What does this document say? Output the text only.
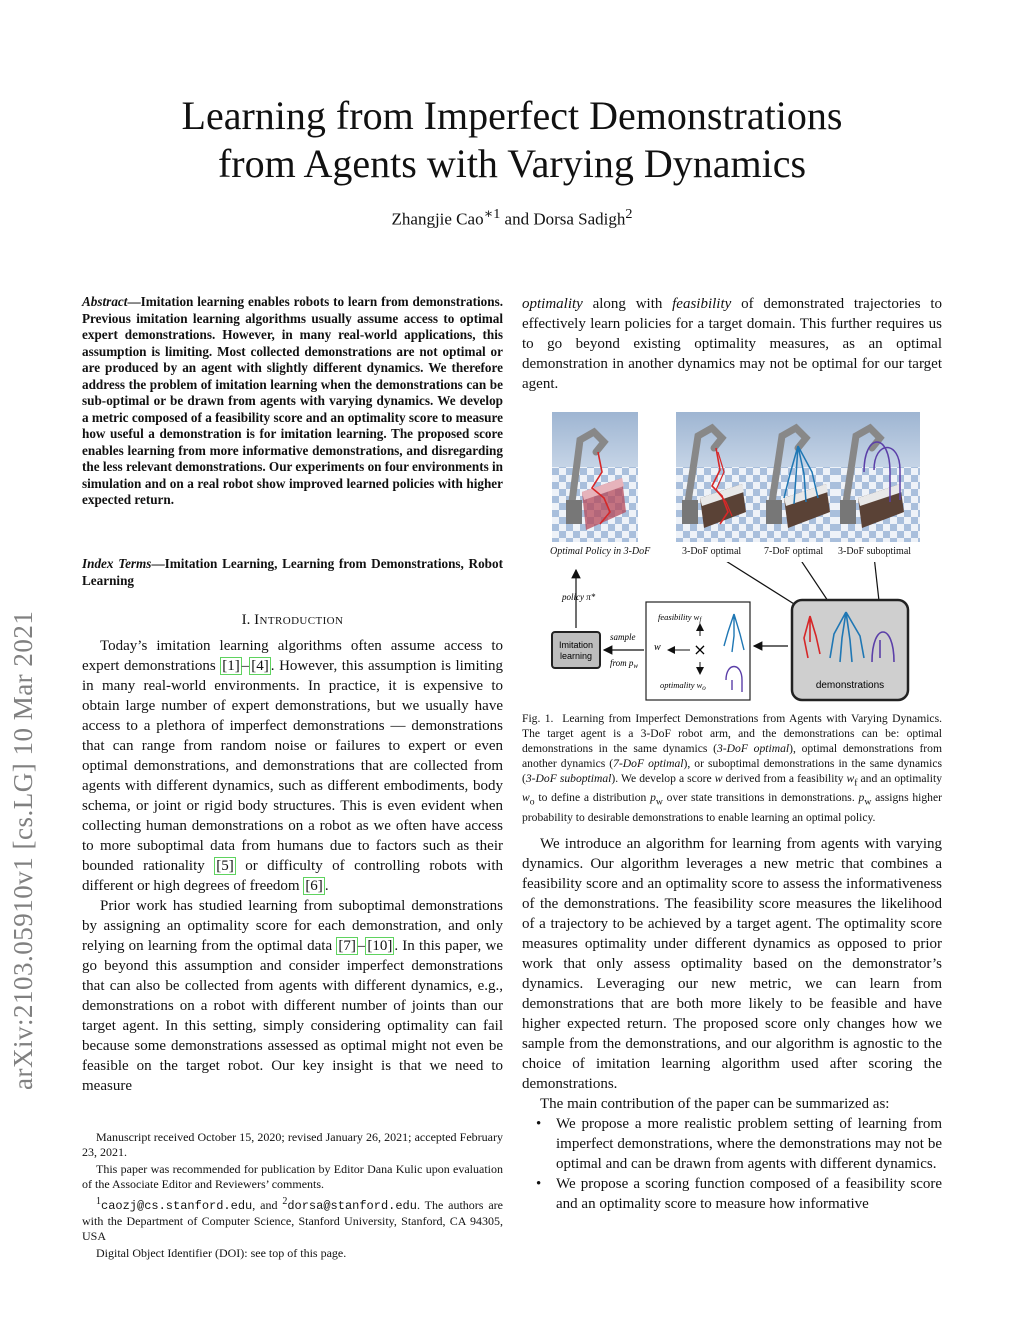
Learning from Imperfect Demonstrations
from Agents with Varying Dynamics
Zhangjie Cao$^{∗1}$ and Dorsa Sadigh$^2$
arXiv:2103.05910v1 [cs.LG] 10 Mar 2021
Abstract—Imitation learning enables robots to learn from demonstrations. Previous imitation learning algorithms usually assume access to optimal expert demonstrations. However, in many real-world applications, this assumption is limiting. Most collected demonstrations are not optimal or are produced by an agent with slightly different dynamics. We therefore address the problem of imitation learning when the demonstrations can be sub-optimal or be drawn from agents with varying dynamics. We develop a metric composed of a feasibility score and an optimality score to measure how useful a demonstration is for imitation learning. The proposed score enables learning from more informative demonstrations, and disregarding the less relevant demonstrations. Our experiments on four environments in simulation and on a real robot show improved learned policies with higher expected return.
Index Terms—Imitation Learning, Learning from Demonstrations, Robot Learning
I. Introduction

Today’s imitation learning algorithms often assume access to expert demonstrations [1] – [4] . However, this assumption is limiting in many real-world environments. In practice, it is expensive to obtain large number of expert demonstrations, but we usually have access to a plethora of imperfect demonstrations — demonstrations that can range from random noise or failures to expert or even optimal demonstrations, and demonstrations that are collected from agents with different dynamics, such as different embodiments, body schema, or joint or rigid body structures. This is even evident when collecting human demonstrations on a robot as we often have access to more suboptimal data from humans due to factors such as their bounded rationality [5] or difficulty of controlling robots with different or high degrees of freedom [6] .

Prior work has studied learning from suboptimal demonstrations by assigning an optimality score for each demonstration, and only relying on learning from the optimal data [7] – [10] . In this paper, we go beyond this assumption and consider imperfect demonstrations that can also be collected from agents with different dynamics, e.g., demonstrations on a robot with different number of joints than our target agent. In this setting, simply considering optimality can fail because some demonstrations assessed as optimal might not even be feasible on the target robot. Our key insight is that we need to measure

Manuscript received October 15, 2020; revised January 26, 2021; accepted February 23, 2021.
This paper was recommended for publication by Editor Dana Kulic upon evaluation of the Associate Editor and Reviewers’ comments.
$^1$caozj@cs.stanford.edu, and $^2$dorsa@stanford.edu. The authors are with the Department of Computer Science, Stanford University, Stanford, CA 94305, USA
Digital Object Identifier (DOI): see top of this page.

optimality along with feasibility of demonstrated trajectories to effectively learn policies for a target domain. This further requires us to go beyond existing optimality measures, as an optimal demonstration in another dynamics may not be optimal for our target agent.

Optimal Policy in 3-DoF	3-DoF optimal 7-DoF optimal 3-DoF suboptimal
policy π*
Imitation
learning
sample
from $p_w$
w
feasibility $w_f$
×
optimality $w_o$	demonstrations
Fig. 1. Learning from Imperfect Demonstrations from Agents with Varying Dynamics. The target agent is a 3-DoF robot arm, and the demonstrations can be: optimal demonstrations in the same dynamics (3-DoF optimal), optimal demonstrations from another dynamics (7-DoF optimal), or suboptimal demonstrations in the same dynamics (3-DoF suboptimal). We develop a score w derived from a feasibility $w_f$ and an optimality $w_o$ to define a distribution $p_w$ over state transitions in demonstrations. $p_w$ assigns higher probability to desirable demonstrations to enable learning an optimal policy.

We introduce an algorithm for learning from agents with varying dynamics. Our algorithm leverages a new metric that combines a feasibility score and an optimality score to assess the informativeness of the demonstrations. The feasibility score measures the likelihood of a trajectory to be achieved by a target agent. The optimality score measures optimality under different dynamics as opposed to prior work that only assess optimality based on the demonstrator’s dynamics. Leveraging our new metric, we can learn from demonstrations that are both more likely to be feasible and have higher expected return. The proposed score only changes how we sample from the demonstrations, and our algorithm is agnostic to the choice of imitation learning algorithm used after scoring the demonstrations.

The main contribution of the paper can be summarized as:

• We propose a more realistic problem setting of learning from imperfect demonstrations, where the demonstrations may not be optimal and can be drawn from agents with different dynamics.
• We propose a scoring function composed of a feasibility score and an optimality score to measure how informative
